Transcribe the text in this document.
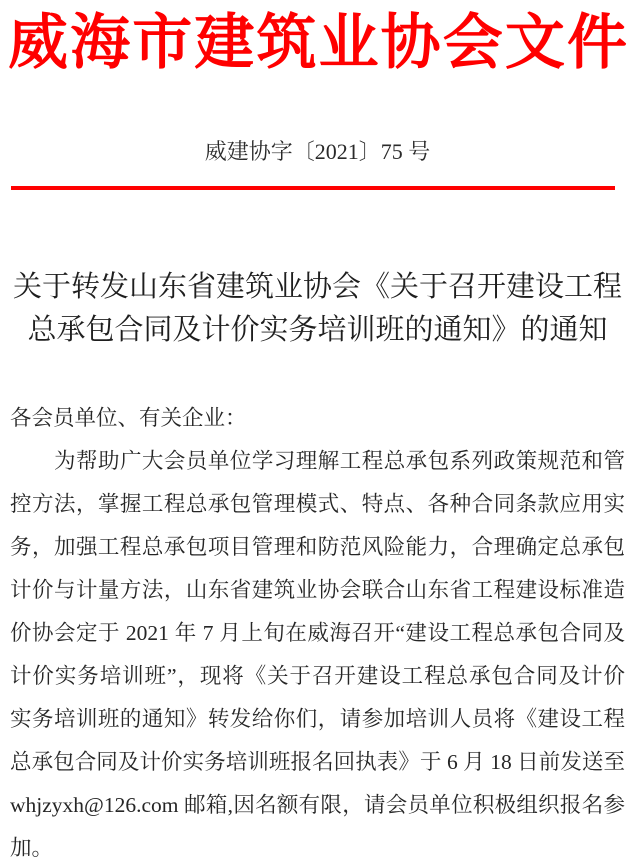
威海市建筑业协会文件
威建协字〔2021〕75 号
关于转发山东省建筑业协会《关于召开建设工程
总承包合同及计价实务培训班的通知》的通知
各会员单位、有关企业：
为帮助广大会员单位学习理解工程总承包系列政策规范和管
控方法，掌握工程总承包管理模式、特点、各种合同条款应用实
务，加强工程总承包项目管理和防范风险能力，合理确定总承包
计价与计量方法，山东省建筑业协会联合山东省工程建设标准造
价协会定于 2021 年 7 月上旬在威海召开“建设工程总承包合同及
计价实务培训班”，现将《关于召开建设工程总承包合同及计价
实务培训班的通知》转发给你们，请参加培训人员将《建设工程
总承包合同及计价实务培训班报名回执表》于 6 月 18 日前发送至
whjzyxh@126.com 邮箱,因名额有限，请会员单位积极组织报名参
加。
